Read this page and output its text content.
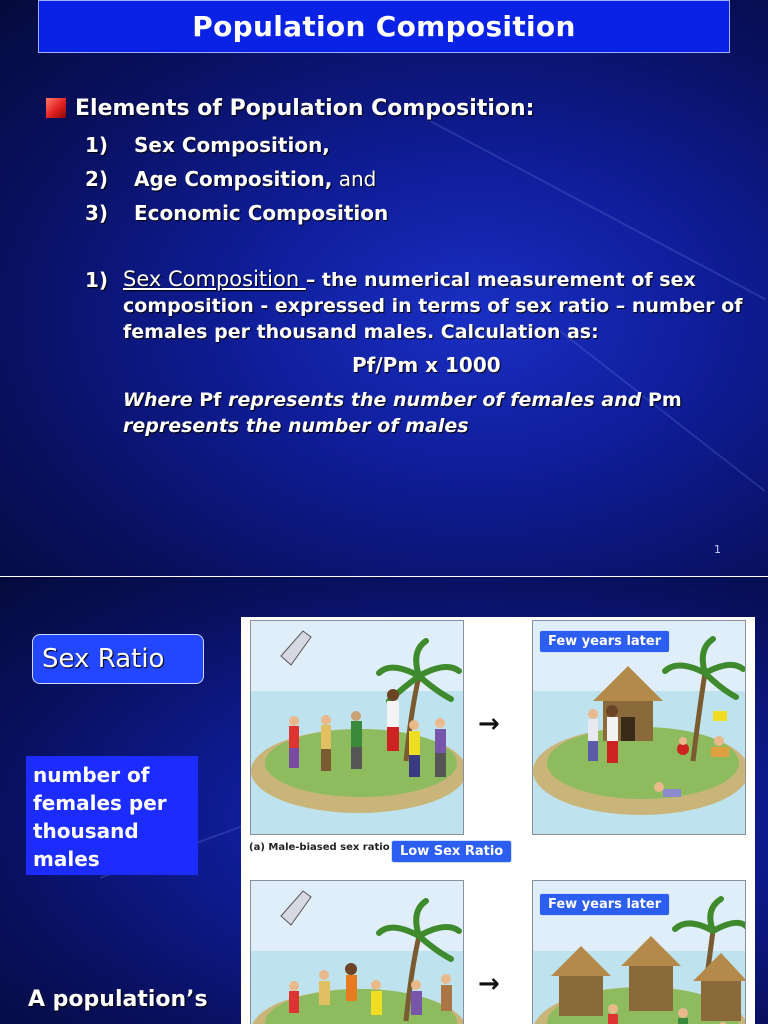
Population Composition
Elements of Population Composition:
1) Sex Composition,
2) Age Composition, and
3) Economic Composition
1) Sex Composition – the numerical measurement of sex
composition - expressed in terms of sex ratio – number of
females per thousand males. Calculation as:
Pf/Pm x 1000
Where Pf represents the number of females and Pm
represents the number of males
1
Sex Ratio
number of
females per
thousand
males
A population’s
→
Few years later
(a) Male-biased sex ratio Low Sex Ratio
→
Few years later
